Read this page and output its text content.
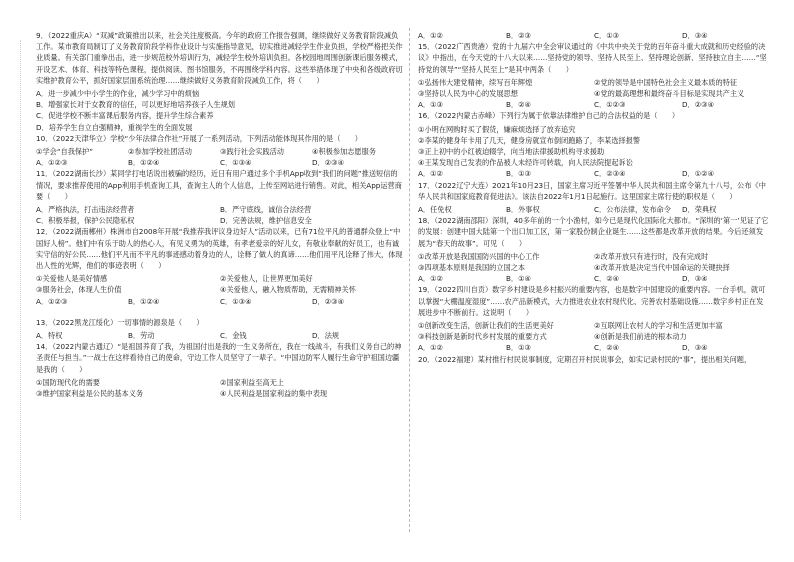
9．（2022重庆A）“双减”政策推出以来，社会关注度极高。今年的政府工作报告强调，继续做好义务教育阶段减负工作。某市教育局制订了义务教育阶段学科作业设计与实施指导意见，切实推进减轻学生作业负担，学校严格把关作业质量。有关部门重拳出击，进一步规范校外培训行为，减轻学生校外培训负担。各校园地周围创新课后服务模式，开设艺术、体育、科技等特色课程，提供阅读、图书馆服务，不再围绕学科内容。这些举措体现了中央和各级政府切实维护教育公平，抓好国家层面系统治理……继续做好义务教育阶段减负工作，将（　　）

A．进一步减少中小学生的作业，减少学习中的烦恼

B．增强家长对于女教育的信任，可以更好地培养孩子人生规划

C．促进学校不断丰富课后服务内容，提升学生综合素养

D．培养学生自立自强精神，重视学生的全面发展

10．（2022天津华立）学校“少年法律合作社”开展了一系列活动，下列活动能体现其作用的是（　　）

①学会“自我保护”	②参加学校社团活动	③践行社会实践活动	④积极参加志愿服务
A．①②③	B．①②④	C．①③④	D．②③④

11．（2022湖南长沙）某同学打电话说出被骗的经历，近日有用户通过多个手机App收到“我们的问题”推送短信的情况，要求推荐使用的App利用手机查询工具，查询主人的个人信息，上传至网站进行销售。对此，相关App运营商要（　　）

A．严格执法，打击违法经营者	B．严守底线，诚信合法经营
C．积极举报，保护公民隐私权	D．完善法规，维护信息安全

12．（2022湖南郴州）株洲市自2008年开展“我推荐我评议身边好人”活动以来，已有71位平凡的普通群众登上“中国好人榜”。他们中有乐于助人的热心人，有见义勇为的英雄，有孝老爱亲的好儿女，有敬业奉献的好员工，也有诚实守信的好公民……他们平凡而不平凡的事迹感动着身边的人，诠释了做人的真谛……他们用平凡诠释了伟大，体现出人性的光辉，他们的事迹表明（　　）

①关爱他人是美好情感	②关爱他人，让世界更加美好
③服务社会，体现人生价值	④关爱他人，融入物质帮助，无需精神关怀
A．①②③	B．①②④	C．①③④	D．②③④

13．（2022黑龙江绥化）一切事情的源泉是（　　）

A．特权	B．劳动	C．金钱	D．法规

14．（2022内蒙古通辽）“是祖国养育了我，为祖国付出是我的一生义务所在，我在一线战斗，有我们义务自己的神圣责任与担当。”一战士在这样看待自己的使命，守边工作人员坚守了一辈子。“中国边防军人履行生命守护祖国边疆是我的（　　）

①国防现代化的需要	②国家利益至高无上
③维护国家利益是公民的基本义务	④人民利益是国家利益的集中表现
A．①②	B．②③	C．①③	D．③④

15．（2022广西贵港）党的十九届六中全会审议通过的《中共中央关于党的百年奋斗重大成就和历史经验的决议》中指出，在今天党的十八大以来……坚持党的领导、坚持人民至上、坚持理论创新、坚持独立自主……“坚持党的领导”“坚持人民至上”是其中两条（　　）

①弘扬伟大建党精神，续写百年辉煌	②党的领导是中国特色社会主义最本质的特征
③坚持以人民为中心的发展思想	④党的最高理想和最终奋斗目标是实现共产主义
A．①③	B．②④	C．①②③	D．②③④

16．（2022内蒙古赤峰）下列行为属于依靠法律维护自己的合法权益的是（　　）

①小明在网购时买了假货，嫌麻烦选择了放弃追究

②李某的健身年卡用了几天，健身房就宣布倒闭跑路了，李某选择报警

③正上初中的小红被迫辍学，向当地法律援助机构寻求援助

④王某发现自己发表的作品被人未经许可转载，向人民法院提起诉讼

A．①②	B．①③	C．②③④	D．①②④

17．（2022辽宁大连）2021年10月23日，国家主席习近平签署中华人民共和国主席令第九十八号，公布《中华人民共和国家庭教育促进法》。该法自2022年1月1日起施行。这里国家主席行使的职权是（　　）

A．任免权	B．外事权	C．公布法律，发布命令	D．荣典权

18．（2022湖南邵阳）深圳，40多年前的一个小渔村，如今已是现代化国际化大都市。“深圳的‘第一’见证了它的发展：创建中国大陆第一个出口加工区，第一家股份制企业诞生……这些都是改革开放的结果。今后还须发展为“春天的故事”。可见（　　）

①改革开放是我国国防兴国的中心工作	②改革开放只有进行时，没有完成时
③四项基本原则是我国的立国之本	④改革开放是决定当代中国命运的关键抉择
A．①②	B．①④	C．②④	D．③④

19．（2022四川自贡）数字乡村建设是乡村振兴的重要内容，也是数字中国建设的重要内容。一台手机，就可以掌握“大棚温度湿度”……农产品新模式，大力推进农业农村现代化、完善农村基础设施……数字乡村正在发展进步中不断前行。这说明（　　）

①创新改变生活，创新让我们的生活更美好	②互联网让农村人的学习和生活更加丰富
③科技创新是新时代乡村发展的重要方式	④创新是我们前进的根本动力
A．①②	B．①③	C．②④	D．③④

20．（2022福建）某村推行村民说事制度，定期召开村民说事会，如实记录村民的“事”，提出相关问题，
